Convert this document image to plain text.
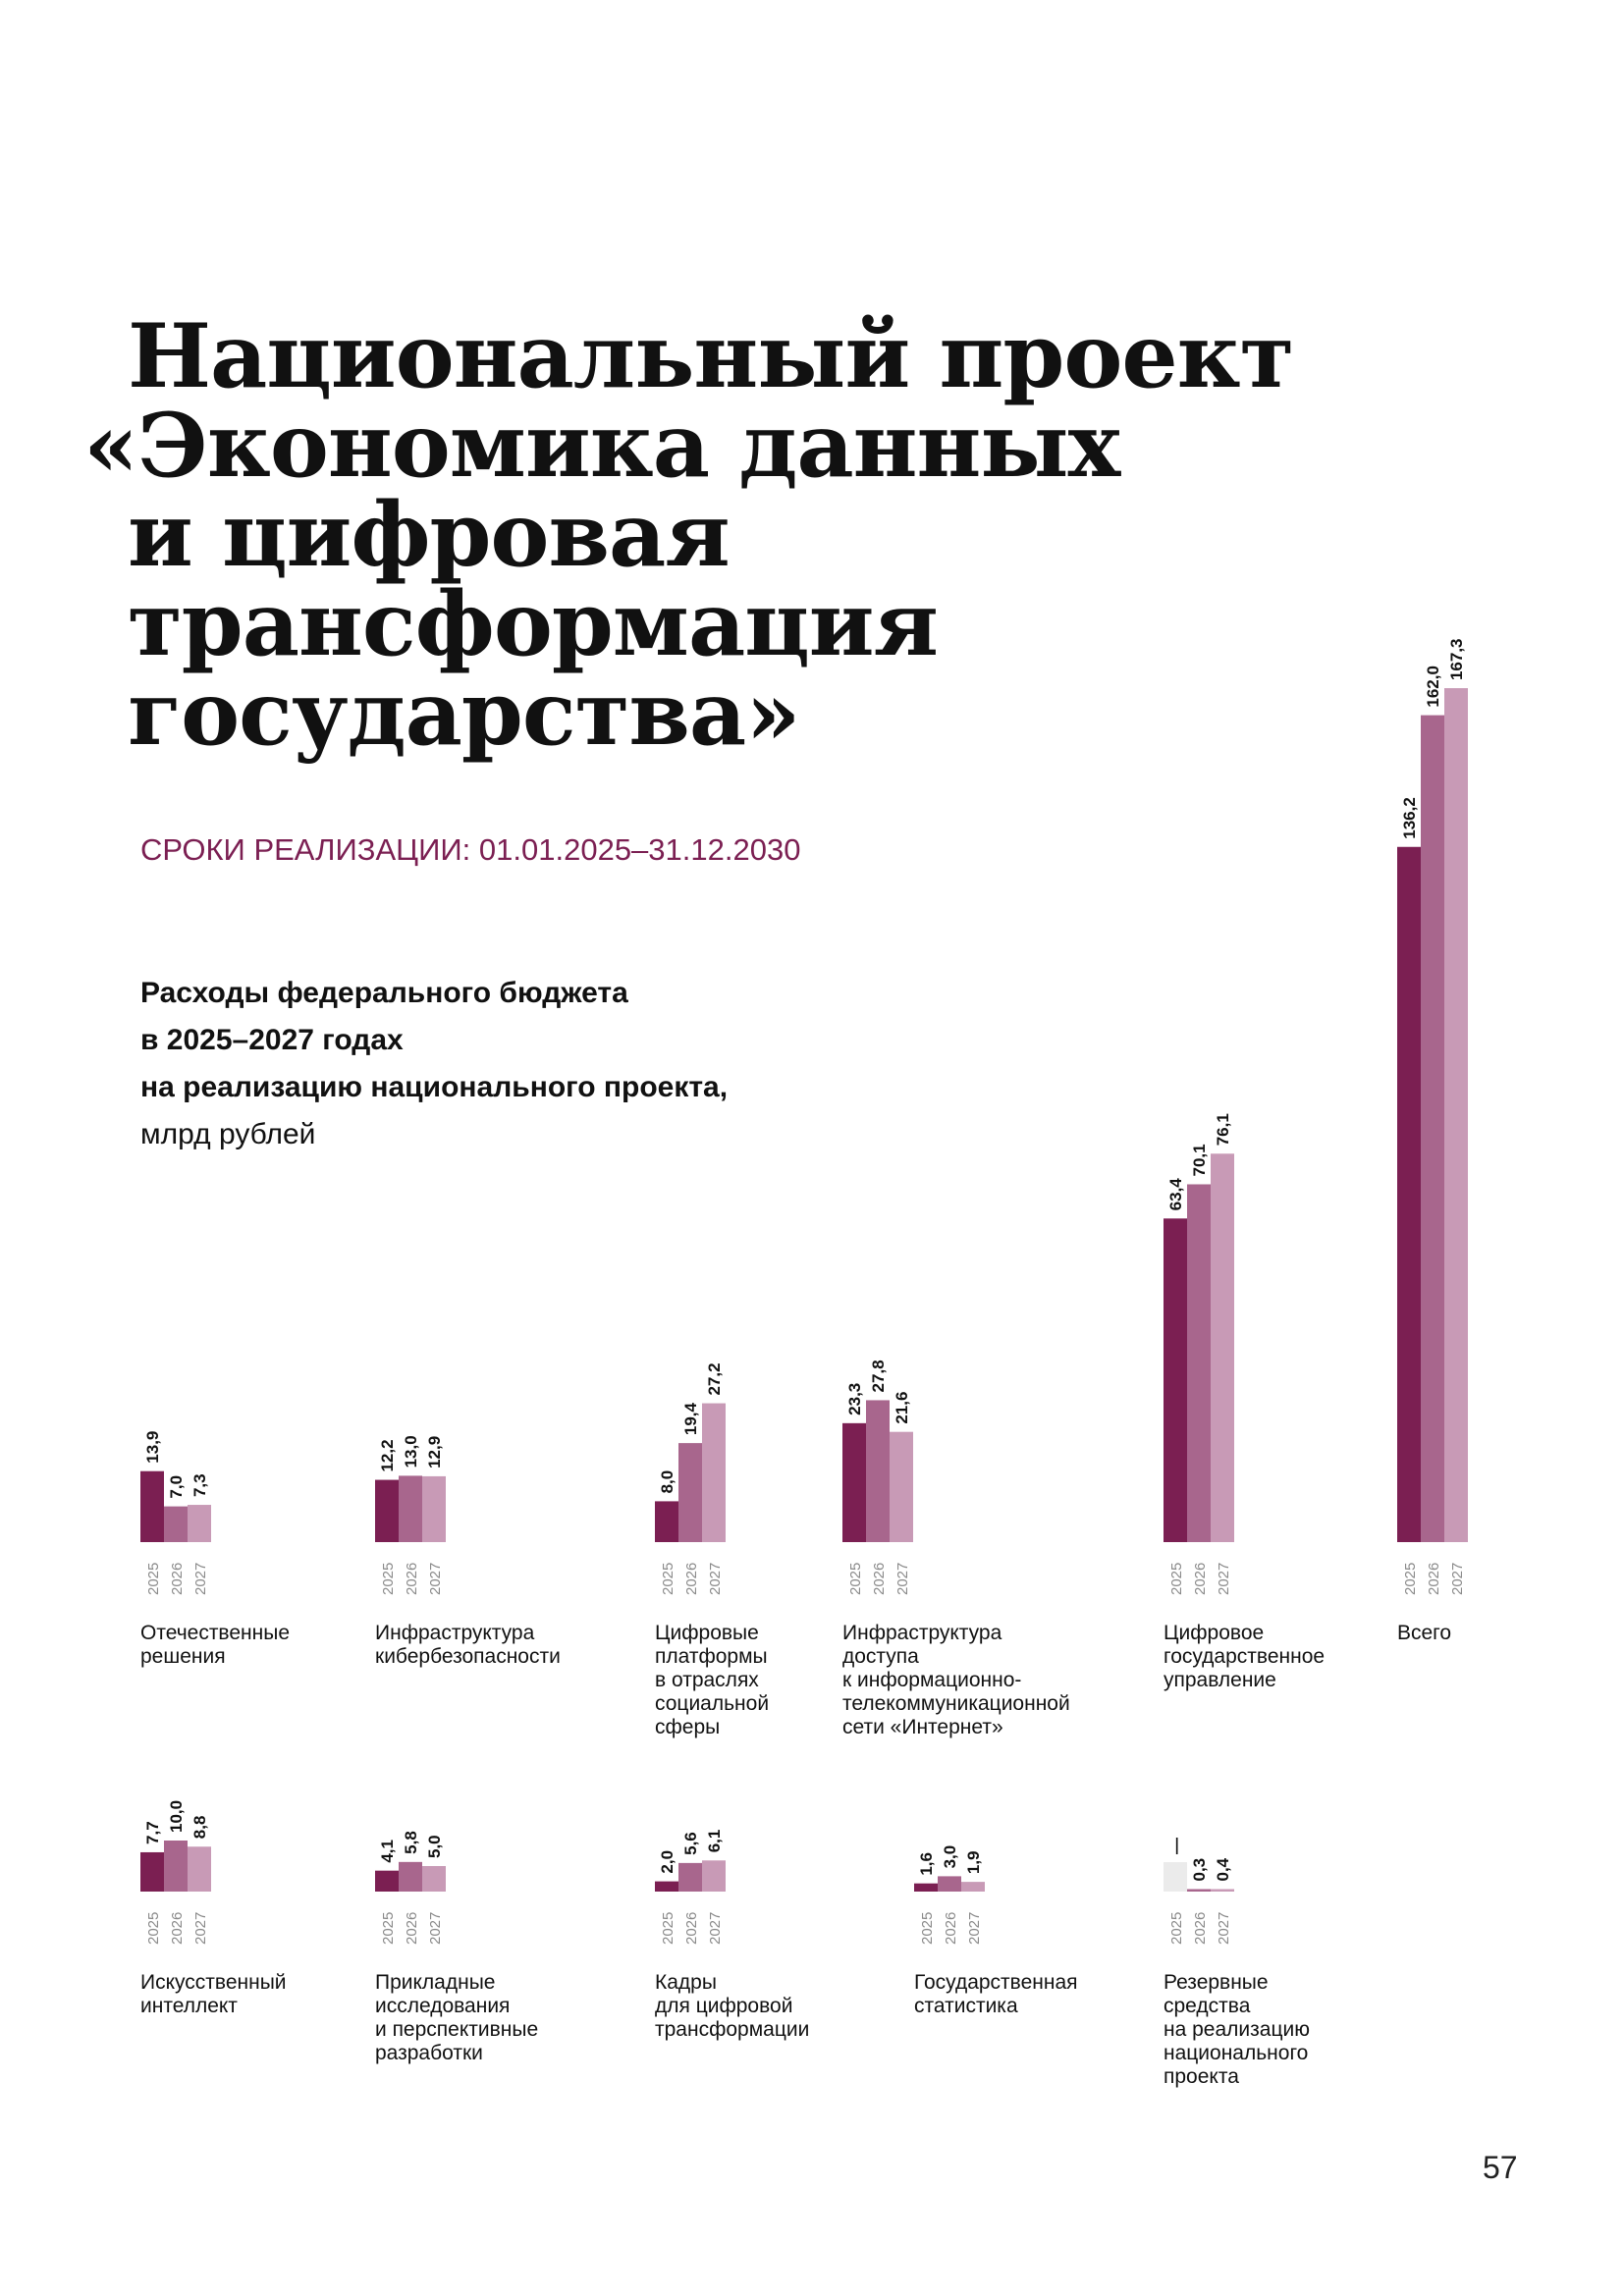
Национальный проект
«Экономика данных
и цифровая
трансформация
государства»
СРОКИ РЕАЛИЗАЦИИ: 01.01.2025–31.12.2030
Расходы федерального бюджета
в 2025–2027 годах
на реализацию национального проекта,
млрд рублей
13,9
2025
7,0
2026
7,3
2027
Отечественные
решения
12,2
2025
13,0
2026
12,9
2027
Инфраструктура
кибербезопасности
8,0
2025
19,4
2026
27,2
2027
Цифровые
платформы
в отраслях
социальной
сферы
23,3
2025
27,8
2026
21,6
2027
Инфраструктура
доступа
к информационно-
телекоммуникационной
сети «Интернет»
63,4
2025
70,1
2026
76,1
2027
Цифровое
государственное
управление
136,2
2025
162,0
2026
167,3
2027
Всего
7,7
2025
10,0
2026
8,8
2027
Искусственный
интеллект
4,1
2025
5,8
2026
5,0
2027
Прикладные
исследования
и перспективные
разработки
2,0
2025
5,6
2026
6,1
2027
Кадры
для цифровой
трансформации
1,6
2025
3,0
2026
1,9
2027
Государственная
статистика
—
2025
0,3
2026
0,4
2027
Резервные
средства
на реализацию
национального
проекта
57
